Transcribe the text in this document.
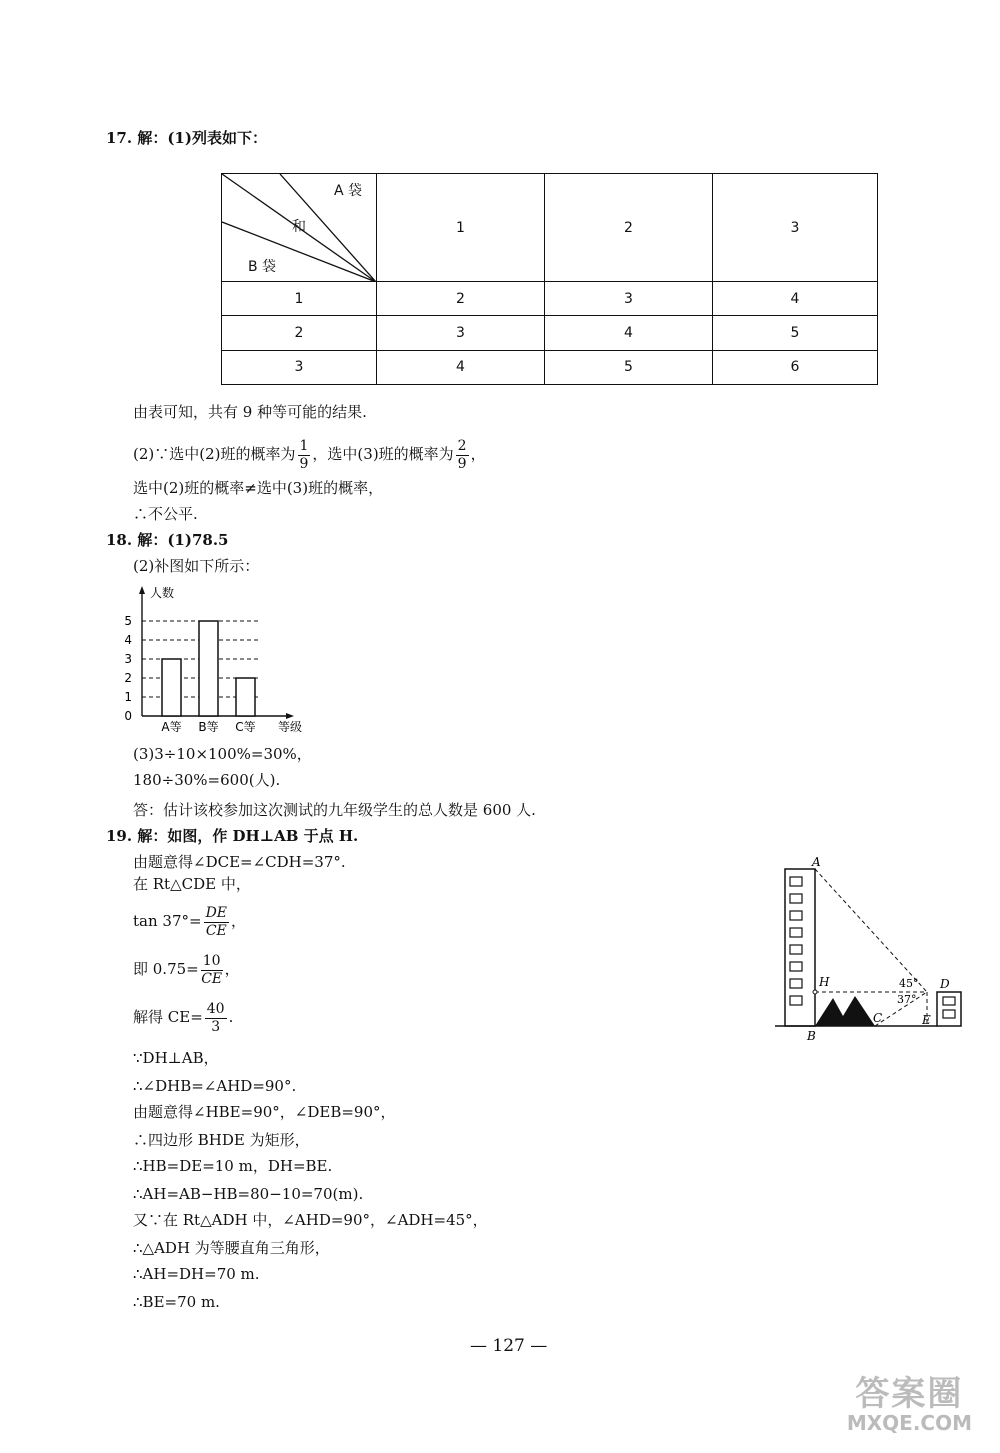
17. 解：(1)列表如下：
A 袋
和
B 袋	1	2	3
1	2	3	4
2	3	4	5
3	4	5	6
由表可知，共有 9 种等可能的结果.
(2)∵选中(2)班的概率为 $\frac{1}{9}$ ，选中(3)班的概率为 $\frac{2}{9}$ ，
选中(2)班的概率≠选中(3)班的概率，
∴不公平.
18. 解：(1)78.5
(2)补图如下所示：
0
1
2
3
4
5
人数
A等 B等 C等 等级
(3)3÷10×100%=30%，
180÷30%=600(人).
答：估计该校参加这次测试的九年级学生的总人数是 600 人.
19. 解：如图，作 DH⊥AB 于点 H.
由题意得∠DCE=∠CDH=37°.
在 Rt△CDE 中，
$\tan 37^\circ= \frac{DE}{CE}$ ，
即 $0.75= \frac{10}{CE}$ ，
解得 $CE= \frac{40}{3}$ .
∵DH⊥AB，
∴∠DHB=∠AHD=90°.
由题意得∠HBE=90°，∠DEB=90°，
∴四边形 BHDE 为矩形，
∴HB=DE=10 m，DH=BE.
∴AH=AB−HB=80−10=70(m).
又∵在 Rt△ADH 中，∠AHD=90°，∠ADH=45°，
∴△ADH 为等腰直角三角形，
∴AH=DH=70 m.
∴BE=70 m.
A
H
B
C
D
E
45°
37°
— 127 —
答案圈
MXQE.COM
